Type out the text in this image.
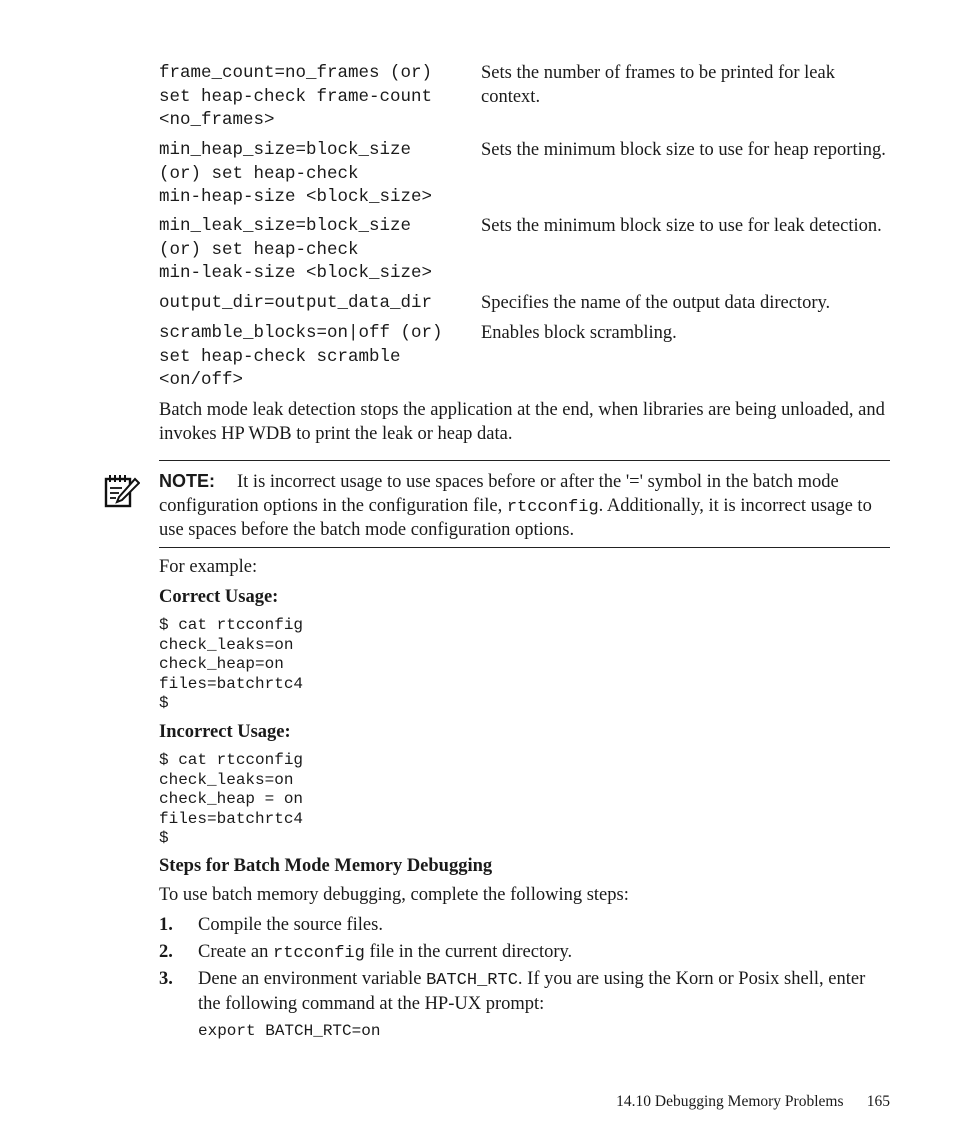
frame_count=no_frames (or)
set heap-check frame-count
<no_frames>
Sets the number of frames to be printed for leak context.
min_heap_size=block_size
(or) set heap-check
min-heap-size <block_size>
Sets the minimum block size to use for heap reporting.
min_leak_size=block_size
(or) set heap-check
min-leak-size <block_size>
Sets the minimum block size to use for leak detection.
output_dir=output_data_dir	Specifies the name of the output data directory.
scramble_blocks=on|off (or)
set heap-check scramble
<on/off>
Enables block scrambling.
Batch mode leak detection stops the application at the end, when libraries are being unloaded, and invokes HP WDB to print the leak or heap data.
NOTE: It is incorrect usage to use spaces before or after the '=' symbol in the batch mode configuration options in the configuration file, rtcconfig. Additionally, it is incorrect usage to use spaces before the batch mode configuration options.
For example:
Correct Usage:
$ cat rtcconfig
check_leaks=on
check_heap=on
files=batchrtc4
$
Incorrect Usage:
$ cat rtcconfig
check_leaks=on
check_heap = on
files=batchrtc4
$
Steps for Batch Mode Memory Debugging
To use batch memory debugging, complete the following steps:
1. Compile the source files.
2. Create an rtcconfig file in the current directory.
3. Dene an environment variable BATCH_RTC. If you are using the Korn or Posix shell, enter the following command at the HP-UX prompt:
export BATCH_RTC=on
14.10 Debugging Memory Problems 165
